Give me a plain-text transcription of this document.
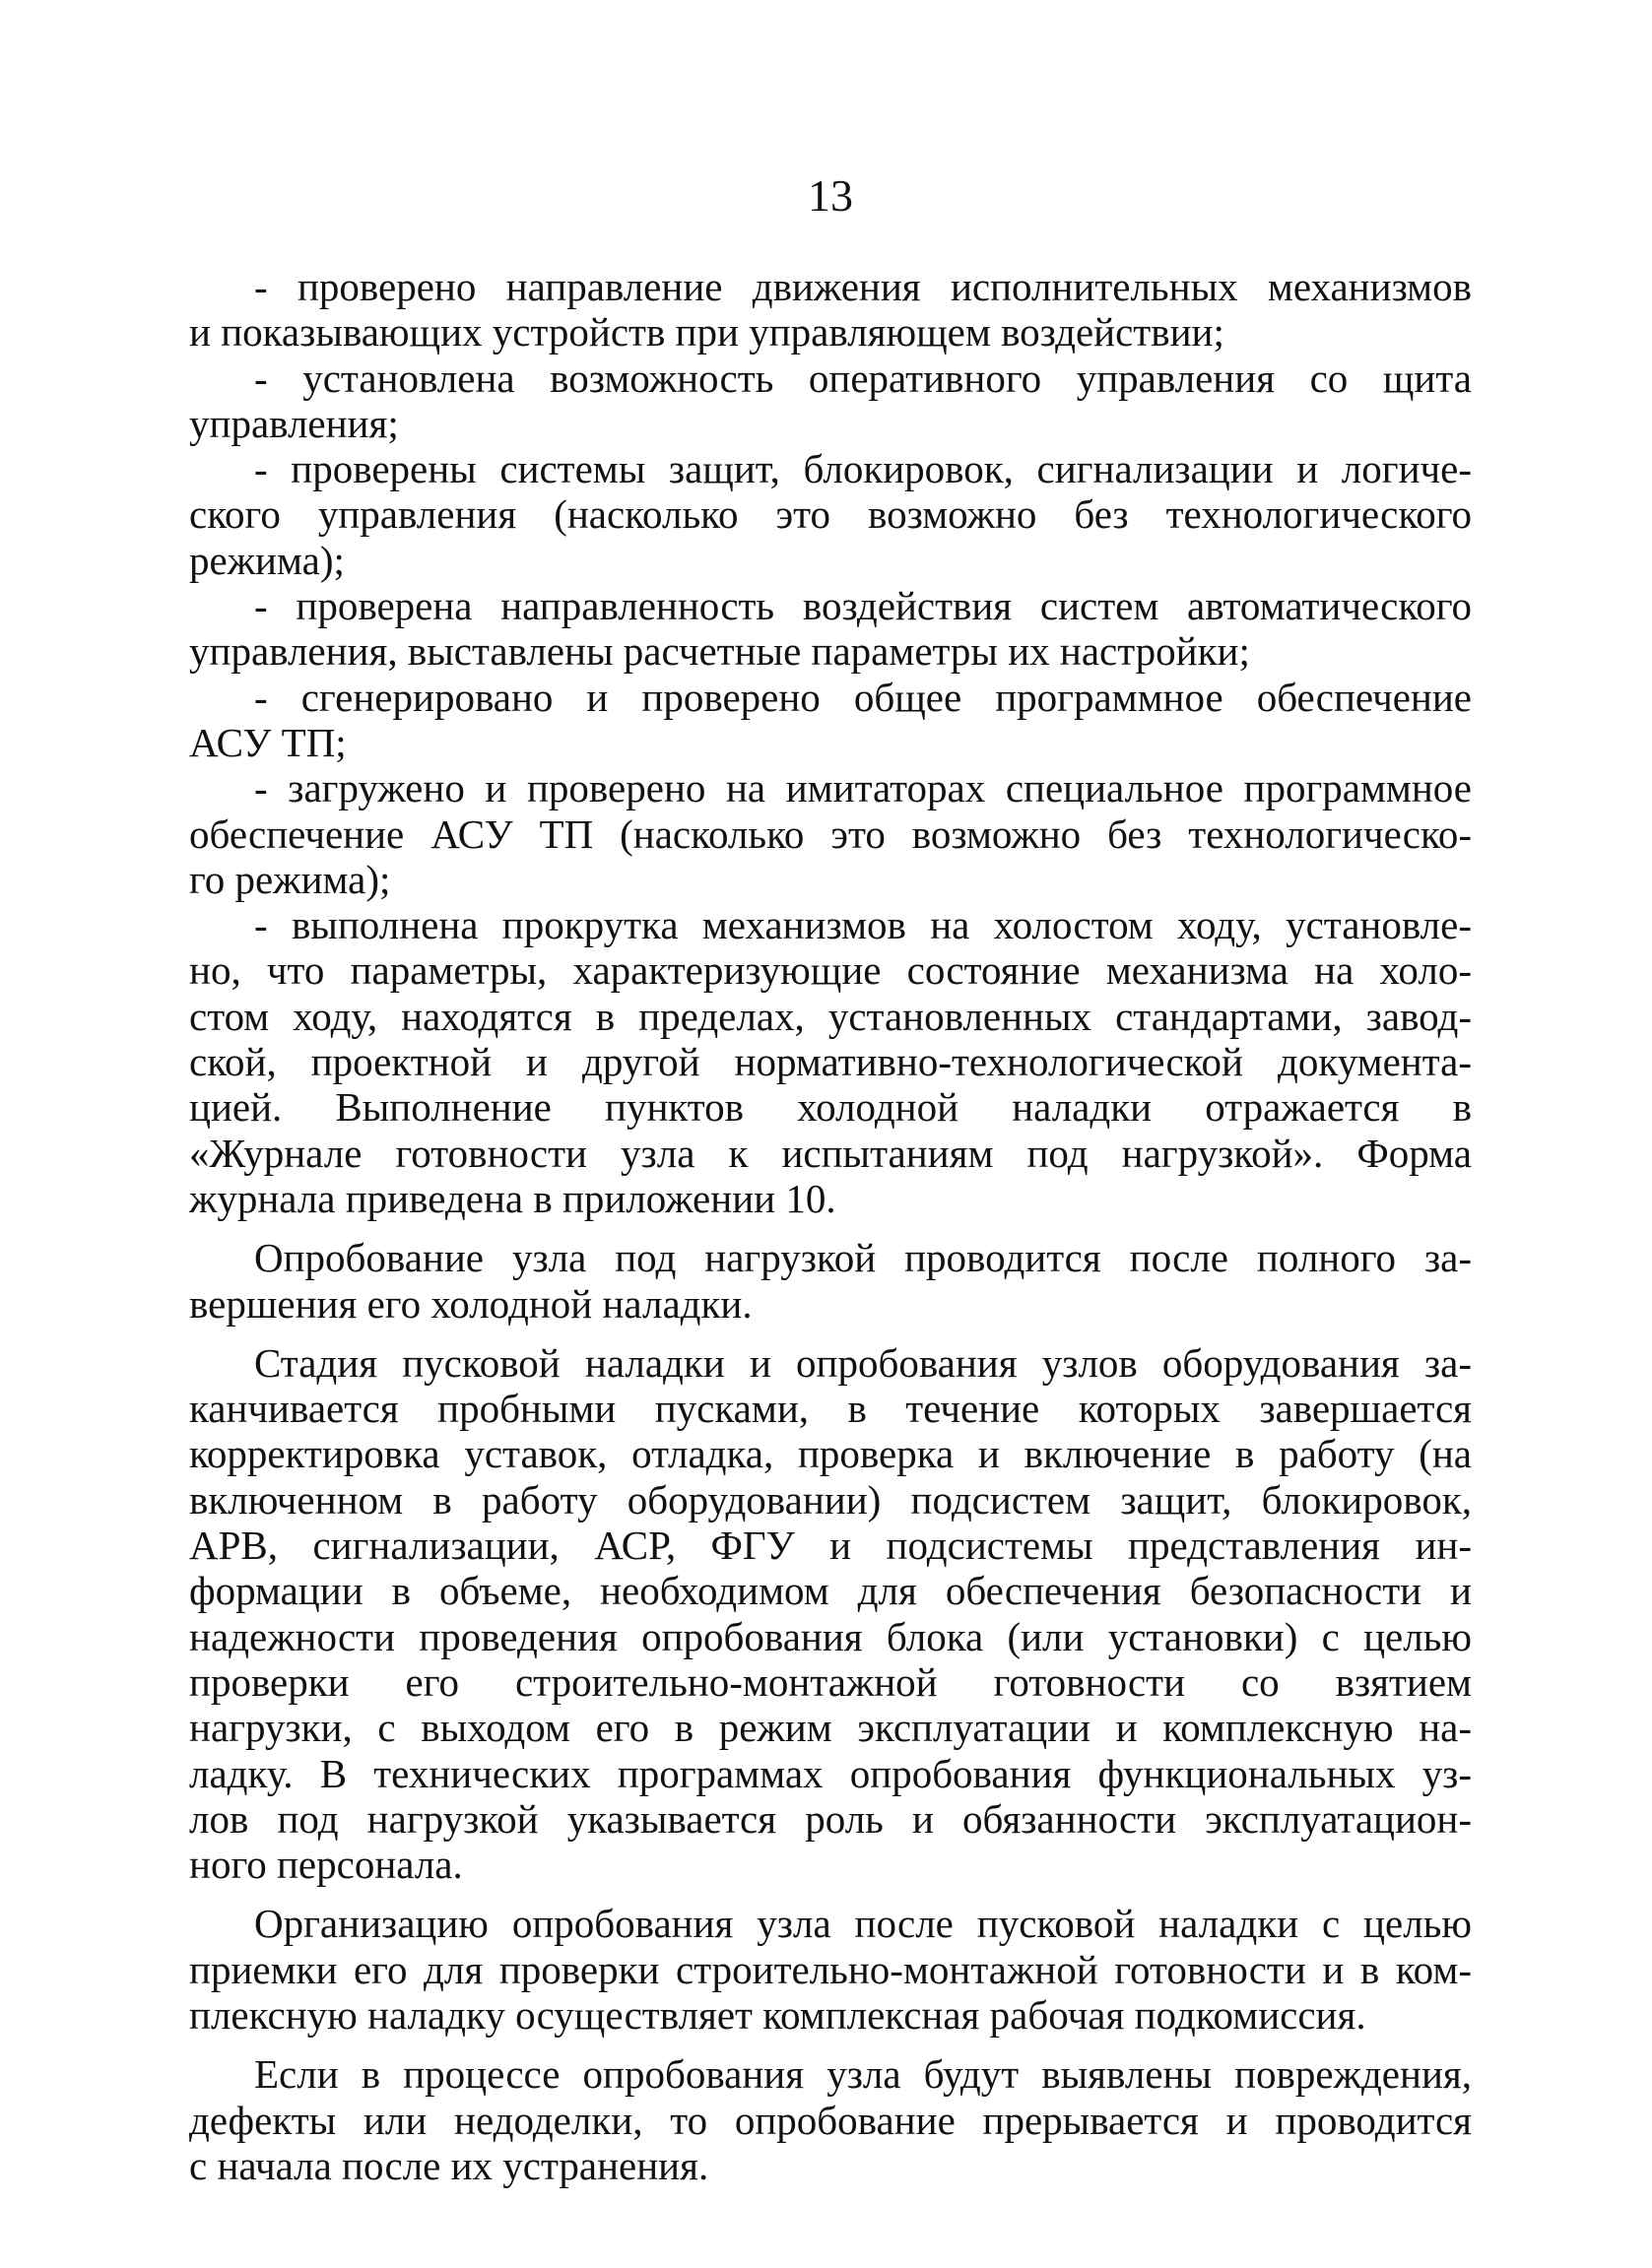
13
- проверено направление движения исполнительных механизмов
и показывающих устройств при управляющем воздействии;
- установлена возможность оперативного управления со щита
управления;
- проверены системы защит, блокировок, сигнализации и логиче-
ского управления (насколько это возможно без технологического
режима);
- проверена направленность воздействия систем автоматического
управления, выставлены расчетные параметры их настройки;
- сгенерировано и проверено общее программное обеспечение
АСУ ТП;
- загружено и проверено на имитаторах специальное программное
обеспечение АСУ ТП (насколько это возможно без технологическо-
го режима);
- выполнена прокрутка механизмов на холостом ходу, установле-
но, что параметры, характеризующие состояние механизма на холо-
стом ходу, находятся в пределах, установленных стандартами, завод-
ской, проектной и другой нормативно-технологической документа-
цией. Выполнение пунктов холодной наладки отражается в
«Журнале готовности узла к испытаниям под нагрузкой». Форма
журнала приведена в приложении 10.
Опробование узла под нагрузкой проводится после полного за-
вершения его холодной наладки.
Стадия пусковой наладки и опробования узлов оборудования за-
канчивается пробными пусками, в течение которых завершается
корректировка уставок, отладка, проверка и включение в работу (на
включенном в работу оборудовании) подсистем защит, блокировок,
АРВ, сигнализации, АСР, ФГУ и подсистемы представления ин-
формации в объеме, необходимом для обеспечения безопасности и
надежности проведения опробования блока (или установки) с целью
проверки его строительно-монтажной готовности со взятием
нагрузки, с выходом его в режим эксплуатации и комплексную на-
ладку. В технических программах опробования функциональных уз-
лов под нагрузкой указывается роль и обязанности эксплуатацион-
ного персонала.
Организацию опробования узла после пусковой наладки с целью
приемки его для проверки строительно-монтажной готовности и в ком-
плексную наладку осуществляет комплексная рабочая подкомиссия.
Если в процессе опробования узла будут выявлены повреждения,
дефекты или недоделки, то опробование прерывается и проводится
с начала после их устранения.
